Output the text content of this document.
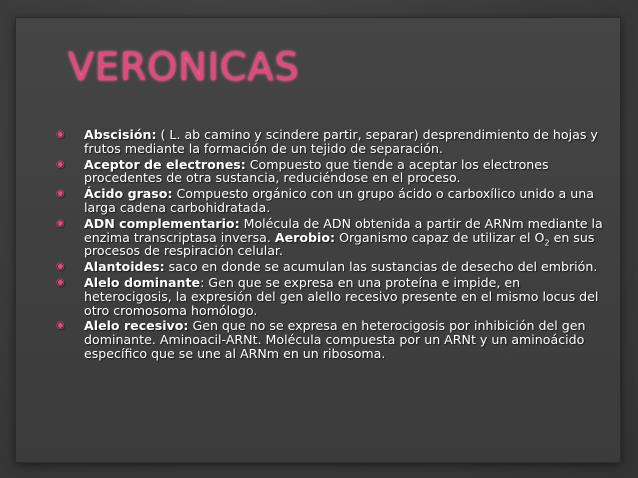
VERONICAS
◉ Abscisión: ( L. ab camino y scindere partir, separar) desprendimiento de hojas y frutos mediante la formación de un tejido de separación.
◉ Aceptor de electrones: Compuesto que tiende a aceptar los electrones procedentes de otra sustancia, reduciéndose en el proceso.
◉ Ácido graso: Compuesto orgánico con un grupo ácido o carboxílico unido a una larga cadena carbohidratada.
◉ ADN complementario: Molécula de ADN obtenida a partir de ARNm mediante la enzima transcriptasa inversa. Aerobio: Organismo capaz de utilizar el $O_2$ en sus procesos de respiración celular.
◉ Alantoides: saco en donde se acumulan las sustancias de desecho del embrión.
◉ Alelo dominante: Gen que se expresa en una proteína e impide, en heterocigosis, la expresión del gen alello recesivo presente en el mismo locus del otro cromosoma homólogo.
◉ Alelo recesivo: Gen que no se expresa en heterocigosis por inhibición del gen dominante. Aminoacil-ARNt. Molécula compuesta por un ARNt y un aminoácido específico que se une al ARNm en un ribosoma.
